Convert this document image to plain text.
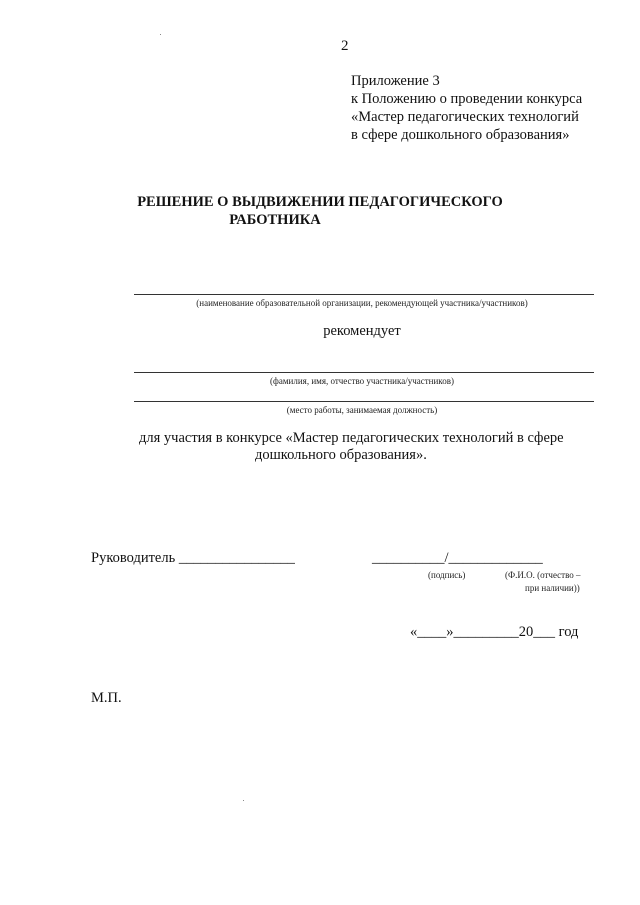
2
Приложение 3
к Положению о проведении конкурса
«Мастер педагогических технологий
в сфере дошкольного образования»
РЕШЕНИЕ О ВЫДВИЖЕНИИ ПЕДАГОГИЧЕСКОГО
РАБОТНИКА
(наименование образовательной организации, рекомендующей участника/участников)
рекомендует
(фамилия, имя, отчество участника/участников)
(место работы, занимаемая должность)
для участия в конкурсе «Мастер педагогических технологий в сфере
дошкольного образования».
Руководитель ________________	__________/_____________
(подпись)	(Ф.И.О. (отчество –
при наличии))
«____»_________20___ год
М.П.
